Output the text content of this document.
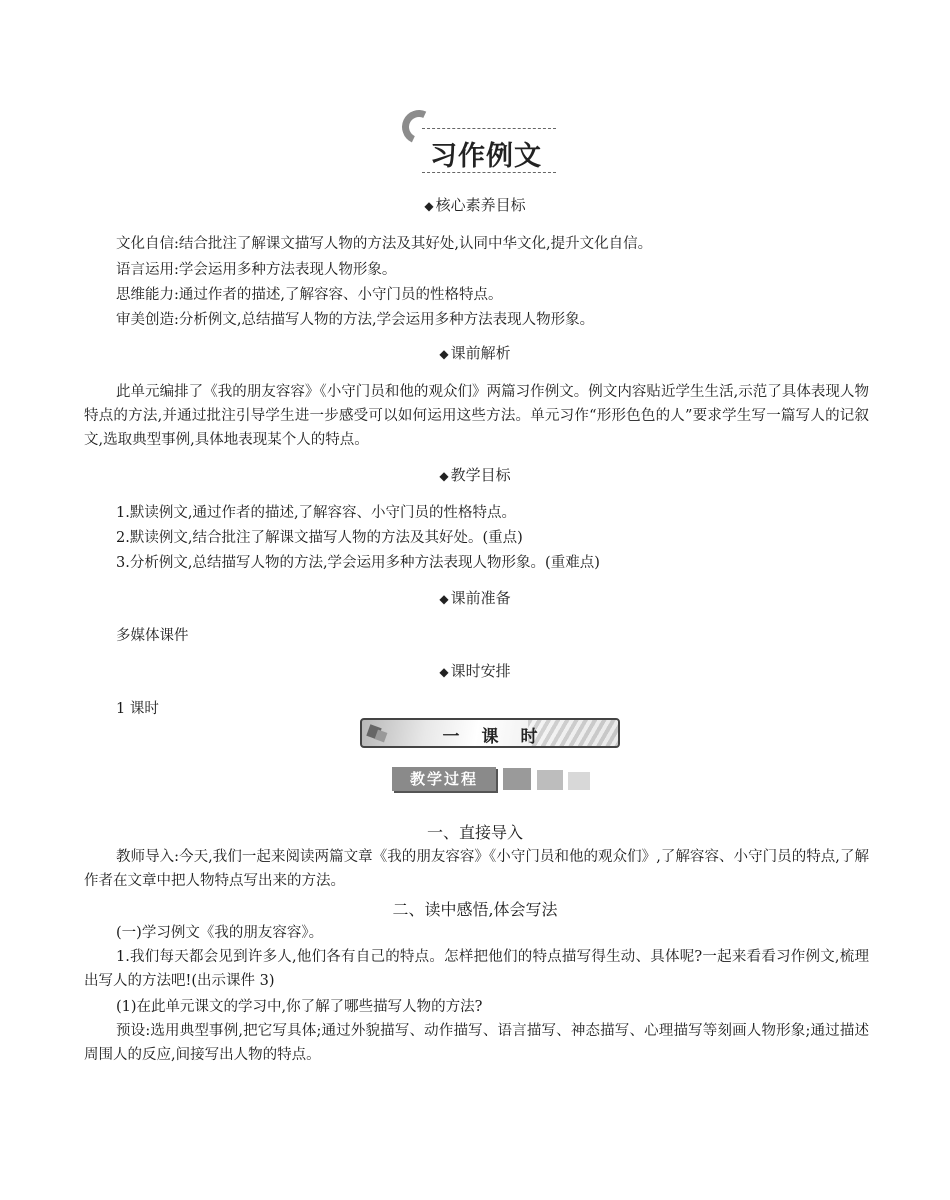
习作例文
◆ 核心素养目标
文化自信:结合批注了解课文描写人物的方法及其好处,认同中华文化,提升文化自信。
语言运用:学会运用多种方法表现人物形象。
思维能力:通过作者的描述,了解容容、小守门员的性格特点。
审美创造:分析例文,总结描写人物的方法,学会运用多种方法表现人物形象。
◆ 课前解析
此单元编排了《我的朋友容容》《小守门员和他的观众们》两篇习作例文。例文内容贴近学生生活,示范了具体表现人物特点的方法,并通过批注引导学生进一步感受可以如何运用这些方法。单元习作“形形色色的人”要求学生写一篇写人的记叙文,选取典型事例,具体地表现某个人的特点。
◆ 教学目标
1.默读例文,通过作者的描述,了解容容、小守门员的性格特点。
2.默读例文,结合批注了解课文描写人物的方法及其好处。(重点)
3.分析例文,总结描写人物的方法,学会运用多种方法表现人物形象。(重难点)
◆ 课前准备
多媒体课件
◆ 课时安排
1 课时
一课时
教学过程
一、直接导入
教师导入:今天,我们一起来阅读两篇文章《我的朋友容容》《小守门员和他的观众们》,了解容容、小守门员的特点,了解作者在文章中把人物特点写出来的方法。
二、读中感悟,体会写法
(一)学习例文《我的朋友容容》。
1.我们每天都会见到许多人,他们各有自己的特点。怎样把他们的特点描写得生动、具体呢?一起来看看习作例文,梳理出写人的方法吧!(出示课件 3)
(1)在此单元课文的学习中,你了解了哪些描写人物的方法?
预设:选用典型事例,把它写具体;通过外貌描写、动作描写、语言描写、神态描写、心理描写等刻画人物形象;通过描述周围人的反应,间接写出人物的特点。
